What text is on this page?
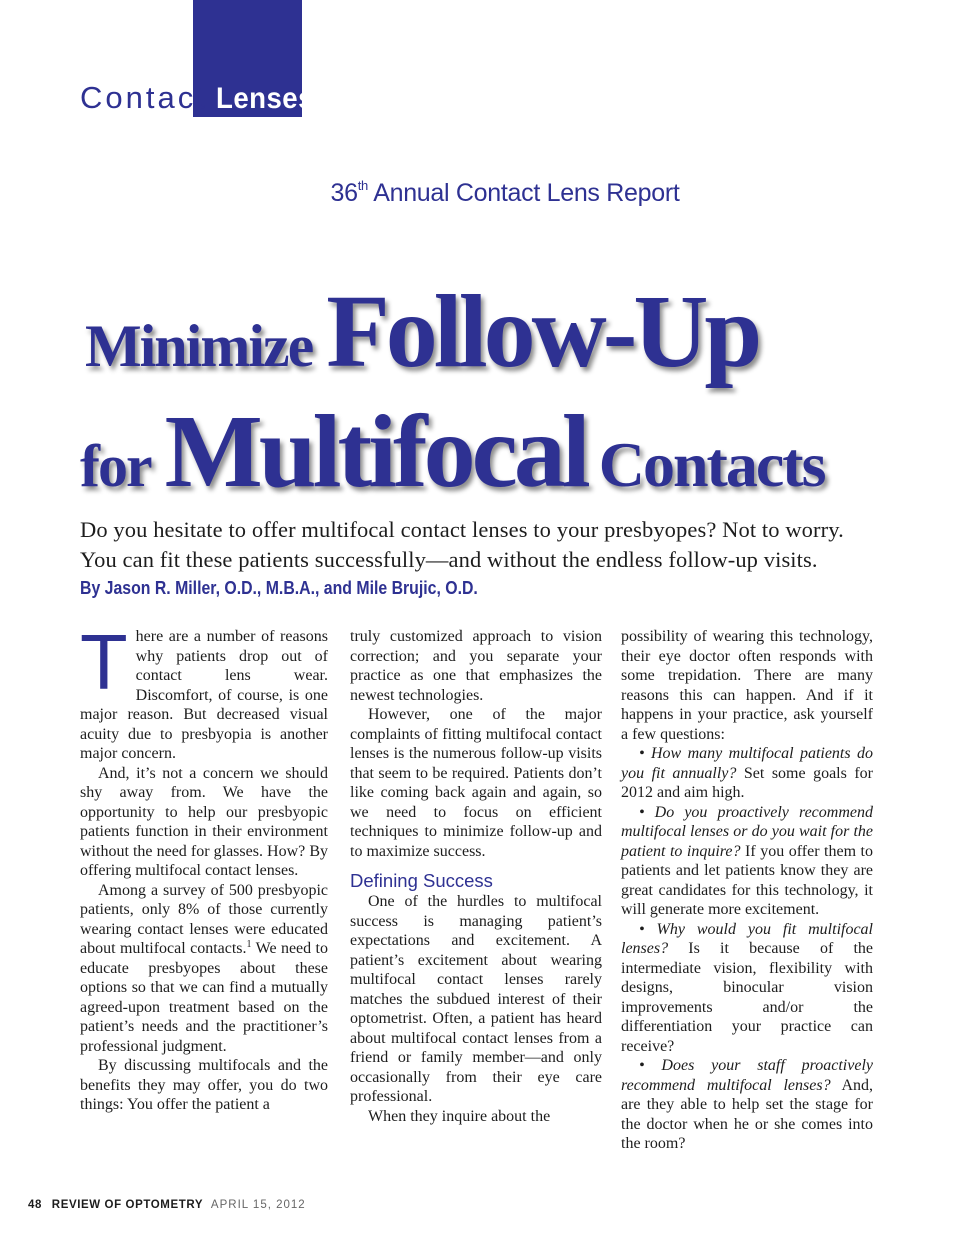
Contact Lenses
36th Annual Contact Lens Report
Minimize Follow-Up
for Multifocal Contacts
Do you hesitate to offer multifocal contact lenses to your presbyopes? Not to worry.
You can fit these patients successfully—and without the endless follow-up visits.
By Jason R. Miller, O.D., M.B.A., and Mile Brujic, O.D.

There are a number of reasons why patients drop out of contact lens wear. Discomfort, of course, is one major reason. But decreased visual acuity due to presbyopia is another major concern.

And, it’s not a concern we should shy away from. We have the opportunity to help our presbyopic patients function in their environment without the need for glasses. How? By offering multifocal contact lenses.

Among a survey of 500 presbyopic patients, only 8% of those currently wearing contact lenses were educated about multifocal contacts.$^1$ We need to educate presbyopes about these options so that we can find a mutually agreed-upon treatment based on the patient’s needs and the practitioner’s professional judgment.

By discussing multifocals and the benefits they may offer, you do two things: You offer the patient a

truly customized approach to vision correction; and you separate your practice as one that emphasizes the newest technologies.

However, one of the major complaints of fitting multifocal contact lenses is the numerous follow-up visits that seem to be required. Patients don’t like coming back again and again, so we need to focus on efficient techniques to minimize follow-up and to maximize success.

Defining Success

One of the hurdles to multifocal success is managing patient’s expectations and excitement. A patient’s excitement about wearing multifocal contact lenses rarely matches the subdued interest of their optometrist. Often, a patient has heard about multifocal contact lenses from a friend or family member—and only occasionally from their eye care professional.

When they inquire about the

possibility of wearing this technology, their eye doctor often responds with some trepidation. There are many reasons this can happen. And if it happens in your practice, ask yourself a few questions:

• How many multifocal patients do you fit annually? Set some goals for 2012 and aim high.

• Do you proactively recommend multifocal lenses or do you wait for the patient to inquire? If you offer them to patients and let patients know they are great candidates for this technology, it will generate more excitement.

• Why would you fit multifocal lenses? Is it because of the intermediate vision, flexibility with designs, binocular vision improvements and/or the differentiation your practice can receive?

• Does your staff proactively recommend multifocal lenses? And, are they able to help set the stage for the doctor when he or she comes into the room?

48 REVIEW OF OPTOMETRY APRIL 15, 2012
